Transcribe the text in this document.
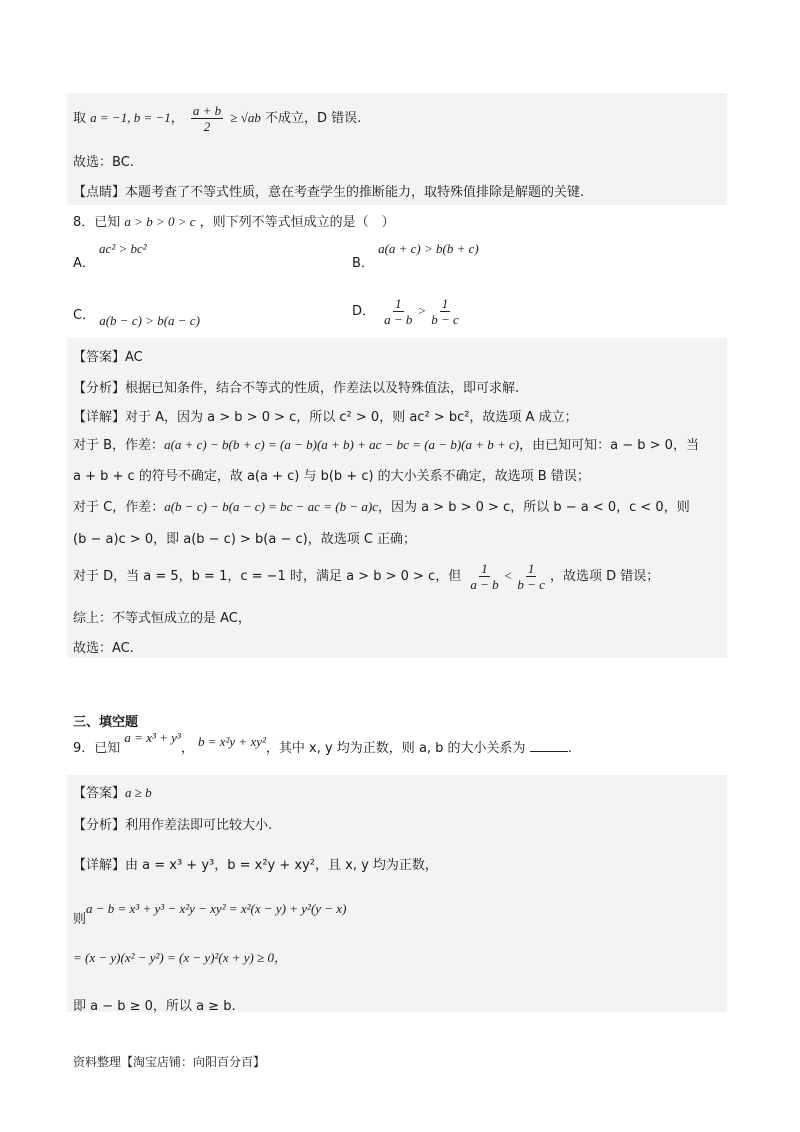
取 a = −1, b = −1， $\frac{a + b}{2} \ge √ab$ 不成立，D 错误.
故选：BC.
【点睛】本题考查了不等式性质，意在考查学生的推断能力，取特殊值排除是解题的关键.
8．已知 a > b > 0 > c ，则下列不等式恒成立的是（　）
A． ac² > bc²
B． a(a + c) > b(b + c)
C． a(b − c) > b(a − c)
D． $\frac{1}{a - b} > \frac{1}{b - c}$
【答案】AC
【分析】根据已知条件，结合不等式的性质，作差法以及特殊值法，即可求解.
【详解】对于 A，因为 a > b > 0 > c，所以 c² > 0，则 ac² > bc²，故选项 A 成立；
对于 B，作差：a(a + c) − b(b + c) = (a − b)(a + b) + ac − bc = (a − b)(a + b + c)，由已知可知：a − b > 0，当
a + b + c 的符号不确定，故 a(a + c) 与 b(b + c) 的大小关系不确定，故选项 B 错误；
对于 C，作差：a(b − c) − b(a − c) = bc − ac = (b − a)c，因为 a > b > 0 > c，所以 b − a < 0，c < 0，则
(b − a)c > 0，即 a(b − c) > b(a − c)，故选项 C 正确；
对于 D，当 a = 5，b = 1，c = −1 时，满足 a > b > 0 > c，但 $\frac{1}{a - b} < \frac{1}{b - c}$ ，故选项 D 错误；
综上：不等式恒成立的是 AC，
故选：AC.
三、填空题
9．已知 a = x³ + y³， b = x²y + xy²，其中 x, y 均为正数，则 a, b 的大小关系为	.
【答案】a ≥ b
【分析】利用作差法即可比较大小.
【详解】由 a = x³ + y³，b = x²y + xy²，且 x, y 均为正数，
则a − b = x³ + y³ − x²y − xy² = x²(x − y) + y²(y − x)
= (x − y)(x² − y²) = (x − y)²(x + y) ≥ 0，
即 a − b ≥ 0，所以 a ≥ b.
资料整理【淘宝店铺：向阳百分百】
